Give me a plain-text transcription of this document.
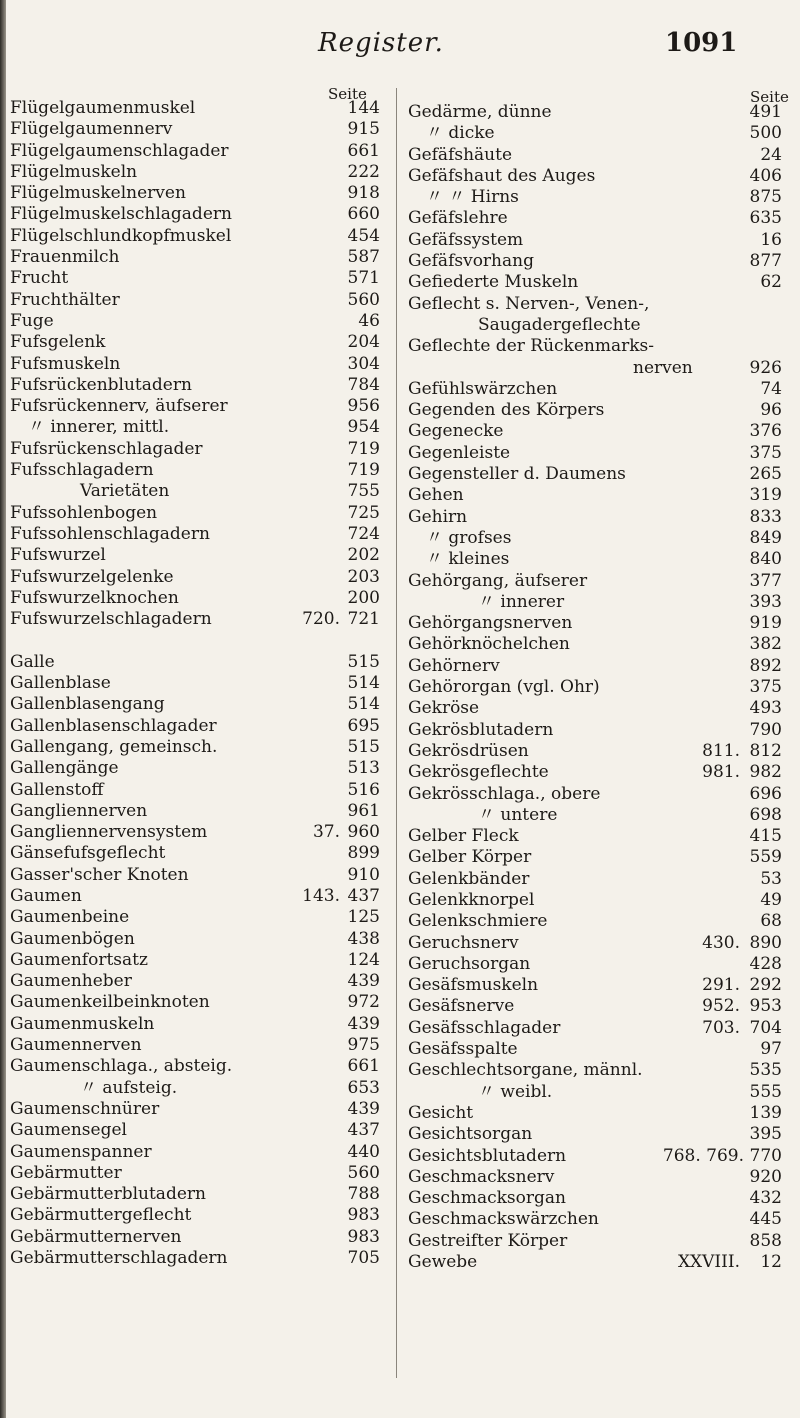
Register.	1091
Seite
Flügelgaumenmuskel	144
Flügelgaumennerv	915
Flügelgaumenschlagader	661
Flügelmuskeln	222
Flügelmuskelnerven	918
Flügelmuskelschlagadern	660
Flügelschlundkopfmuskel	454
Frauenmilch	587
Frucht	571
Fruchthälter	560
Fuge	46
Fufsgelenk	204
Fufsmuskeln	304
Fufsrückenblutadern	784
Fufsrückennerv, äufserer	956
〃 innerer, mittl.	954
Fufsrückenschlagader	719
Fufsschlagadern	719
Varietäten	755
Fufssohlenbogen	725
Fufssohlenschlagadern	724
Fufswurzel	202
Fufswurzelgelenke	203
Fufswurzelknochen	200
Fufswurzelschlagadern	720. 721
Galle	515
Gallenblase	514
Gallenblasengang	514
Gallenblasenschlagader	695
Gallengang, gemeinsch.	515
Gallengänge	513
Gallenstoff	516
Gangliennerven	961
Gangliennervensystem	37. 960
Gänsefufsgeflecht	899
Gasser'scher Knoten	910
Gaumen	143. 437
Gaumenbeine	125
Gaumenbögen	438
Gaumenfortsatz	124
Gaumenheber	439
Gaumenkeilbeinknoten	972
Gaumenmuskeln	439
Gaumennerven	975
Gaumenschlaga., absteig.	661
〃 aufsteig.	653
Gaumenschnürer	439
Gaumensegel	437
Gaumenspanner	440
Gebärmutter	560
Gebärmutterblutadern	788
Gebärmuttergeflecht	983
Gebärmutternerven	983
Gebärmutterschlagadern	705
Seite
Gedärme, dünne	491
〃 dicke	500
Gefäfshäute	24
Gefäfshaut des Auges	406
〃 〃 Hirns	875
Gefäfslehre	635
Gefäfssystem	16
Gefäfsvorhang	877
Gefiederte Muskeln	62
Geflecht s. Nerven-, Venen-,
Saugadergeflechte
Geflechte der Rückenmarks-
nerven	926
Gefühlswärzchen	74
Gegenden des Körpers	96
Gegenecke	376
Gegenleiste	375
Gegensteller d. Daumens	265
Gehen	319
Gehirn	833
〃 grofses	849
〃 kleines	840
Gehörgang, äufserer	377
〃 innerer	393
Gehörgangsnerven	919
Gehörknöchelchen	382
Gehörnerv	892
Gehörorgan (vgl. Ohr)	375
Gekröse	493
Gekrösblutadern	790
Gekrösdrüsen	811. 812
Gekrösgeflechte	981. 982
Gekrösschlaga., obere	696
〃 untere	698
Gelber Fleck	415
Gelber Körper	559
Gelenkbänder	53
Gelenkknorpel	49
Gelenkschmiere	68
Geruchsnerv	430. 890
Geruchsorgan	428
Gesäfsmuskeln	291. 292
Gesäfsnerve	952. 953
Gesäfsschlagader	703. 704
Gesäfsspalte	97
Geschlechtsorgane, männl.	535
〃 weibl.	555
Gesicht	139
Gesichtsorgan	395
Gesichtsblutadern	768. 769. 770
Geschmacksnerv	920
Geschmacksorgan	432
Geschmackswärzchen	445
Gestreifter Körper	858
Gewebe	XXVIII. 12
